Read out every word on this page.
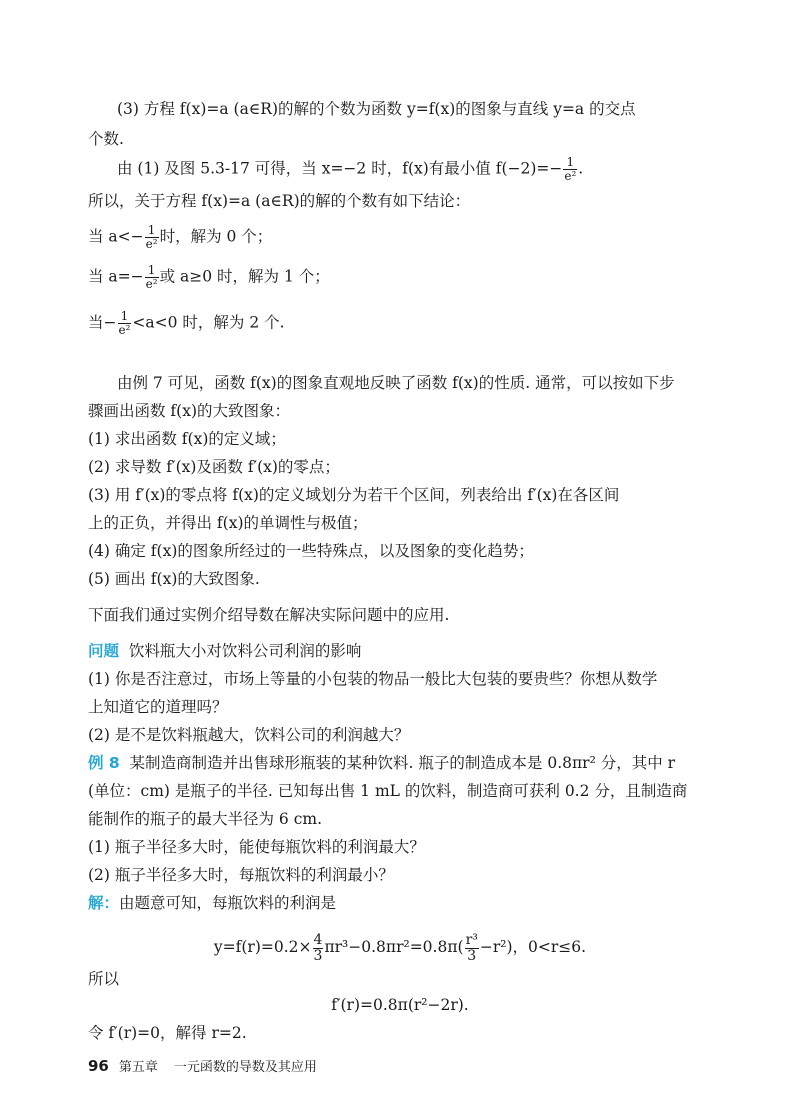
(3) 方程 f(x)=a (a∈R)的解的个数为函数 y=f(x)的图象与直线 y=a 的交点
个数.
由 (1) 及图 5.3-17 可得，当 x=−2 时，f(x)有最小值 $f(-2)=- \frac{1}{\text{e²}}$ .
所以，关于方程 f(x)=a (a∈R)的解的个数有如下结论：
当 $a<- \frac{1}{\text{e²}}$ 时，解为 0 个；
当 $a=- \frac{1}{\text{e²}}$ 或 a≥0 时，解为 1 个；
当− $\frac{1}{\text{e²}} <a<0$ 时，解为 2 个.
由例 7 可见，函数 f(x)的图象直观地反映了函数 f(x)的性质. 通常，可以按如下步
骤画出函数 f(x)的大致图象：
(1) 求出函数 f(x)的定义域；
(2) 求导数 f′(x)及函数 f′(x)的零点；
(3) 用 f′(x)的零点将 f(x)的定义域划分为若干个区间，列表给出 f′(x)在各区间
上的正负，并得出 f(x)的单调性与极值；
(4) 确定 f(x)的图象所经过的一些特殊点，以及图象的变化趋势；
(5) 画出 f(x)的大致图象.
下面我们通过实例介绍导数在解决实际问题中的应用.
问题 饮料瓶大小对饮料公司利润的影响
(1) 你是否注意过，市场上等量的小包装的物品一般比大包装的要贵些？你想从数学
上知道它的道理吗？
(2) 是不是饮料瓶越大，饮料公司的利润越大？
例 8 某制造商制造并出售球形瓶装的某种饮料. 瓶子的制造成本是 0.8πr² 分，其中 r
(单位：cm) 是瓶子的半径. 已知每出售 1 mL 的饮料，制造商可获利 0.2 分，且制造商
能制作的瓶子的最大半径为 6 cm.
(1) 瓶子半径多大时，能使每瓶饮料的利润最大？
(2) 瓶子半径多大时，每瓶饮料的利润最小？
解：由题意可知，每瓶饮料的利润是
$y=f(r)=0.2\times \frac{4}{3} \pi r^3-0.8\pi r^2=0.8\pi( \frac{\text{r³}}{3} -r^2)$，0<r≤6.
所以
f′(r)=0.8π(r²−2r).
令 f′(r)=0，解得 r=2.
96 第五章 一元函数的导数及其应用
